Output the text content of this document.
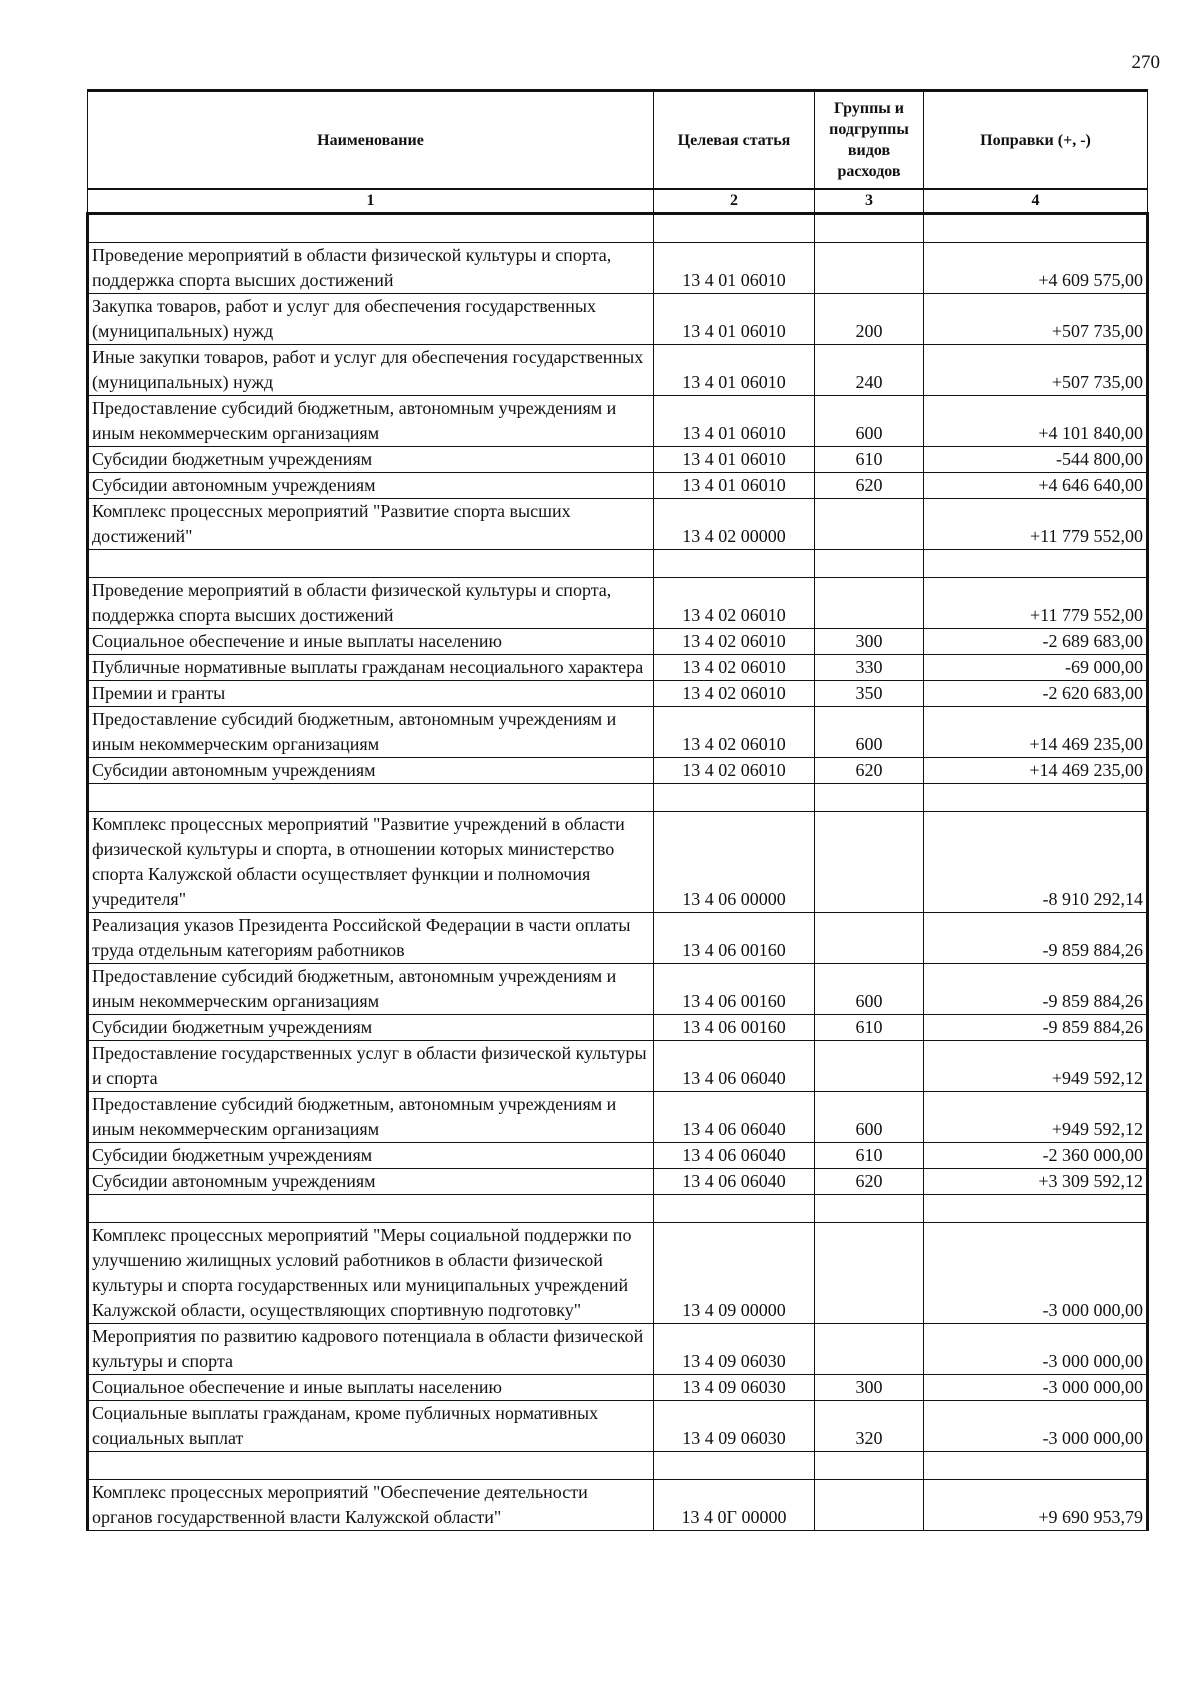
270
Наименование	Целевая статья	Группы и подгруппы видов расходов	Поправки (+, -)
1	2	3	4

Проведение мероприятий в области физической культуры и спорта, поддержка спорта высших достижений	13 4 01 06010		+4 609 575,00
Закупка товаров, работ и услуг для обеспечения государственных (муниципальных) нужд	13 4 01 06010	200	+507 735,00
Иные закупки товаров, работ и услуг для обеспечения государственных (муниципальных) нужд	13 4 01 06010	240	+507 735,00
Предоставление субсидий бюджетным, автономным учреждениям и иным некоммерческим организациям	13 4 01 06010	600	+4 101 840,00
Субсидии бюджетным учреждениям	13 4 01 06010	610	-544 800,00
Субсидии автономным учреждениям	13 4 01 06010	620	+4 646 640,00
Комплекс процессных мероприятий "Развитие спорта высших достижений"	13 4 02 00000		+11 779 552,00

Проведение мероприятий в области физической культуры и спорта, поддержка спорта высших достижений	13 4 02 06010		+11 779 552,00
Социальное обеспечение и иные выплаты населению	13 4 02 06010	300	-2 689 683,00
Публичные нормативные выплаты гражданам несоциального характера	13 4 02 06010	330	-69 000,00
Премии и гранты	13 4 02 06010	350	-2 620 683,00
Предоставление субсидий бюджетным, автономным учреждениям и иным некоммерческим организациям	13 4 02 06010	600	+14 469 235,00
Субсидии автономным учреждениям	13 4 02 06010	620	+14 469 235,00

Комплекс процессных мероприятий "Развитие учреждений в области физической культуры и спорта, в отношении которых министерство спорта Калужской области осуществляет функции и полномочия учредителя"	13 4 06 00000		-8 910 292,14
Реализация указов Президента Российской Федерации в части оплаты труда отдельным категориям работников	13 4 06 00160		-9 859 884,26
Предоставление субсидий бюджетным, автономным учреждениям и иным некоммерческим организациям	13 4 06 00160	600	-9 859 884,26
Субсидии бюджетным учреждениям	13 4 06 00160	610	-9 859 884,26
Предоставление государственных услуг в области физической культуры и спорта	13 4 06 06040		+949 592,12
Предоставление субсидий бюджетным, автономным учреждениям и иным некоммерческим организациям	13 4 06 06040	600	+949 592,12
Субсидии бюджетным учреждениям	13 4 06 06040	610	-2 360 000,00
Субсидии автономным учреждениям	13 4 06 06040	620	+3 309 592,12

Комплекс процессных мероприятий "Меры социальной поддержки по улучшению жилищных условий работников в области физической культуры и спорта государственных или муниципальных учреждений Калужской области, осуществляющих спортивную подготовку"	13 4 09 00000		-3 000 000,00
Мероприятия по развитию кадрового потенциала в области физической культуры и спорта	13 4 09 06030		-3 000 000,00
Социальное обеспечение и иные выплаты населению	13 4 09 06030	300	-3 000 000,00
Социальные выплаты гражданам, кроме публичных нормативных социальных выплат	13 4 09 06030	320	-3 000 000,00

Комплекс процессных мероприятий "Обеспечение деятельности органов государственной власти Калужской области"	13 4 0Г 00000		+9 690 953,79
